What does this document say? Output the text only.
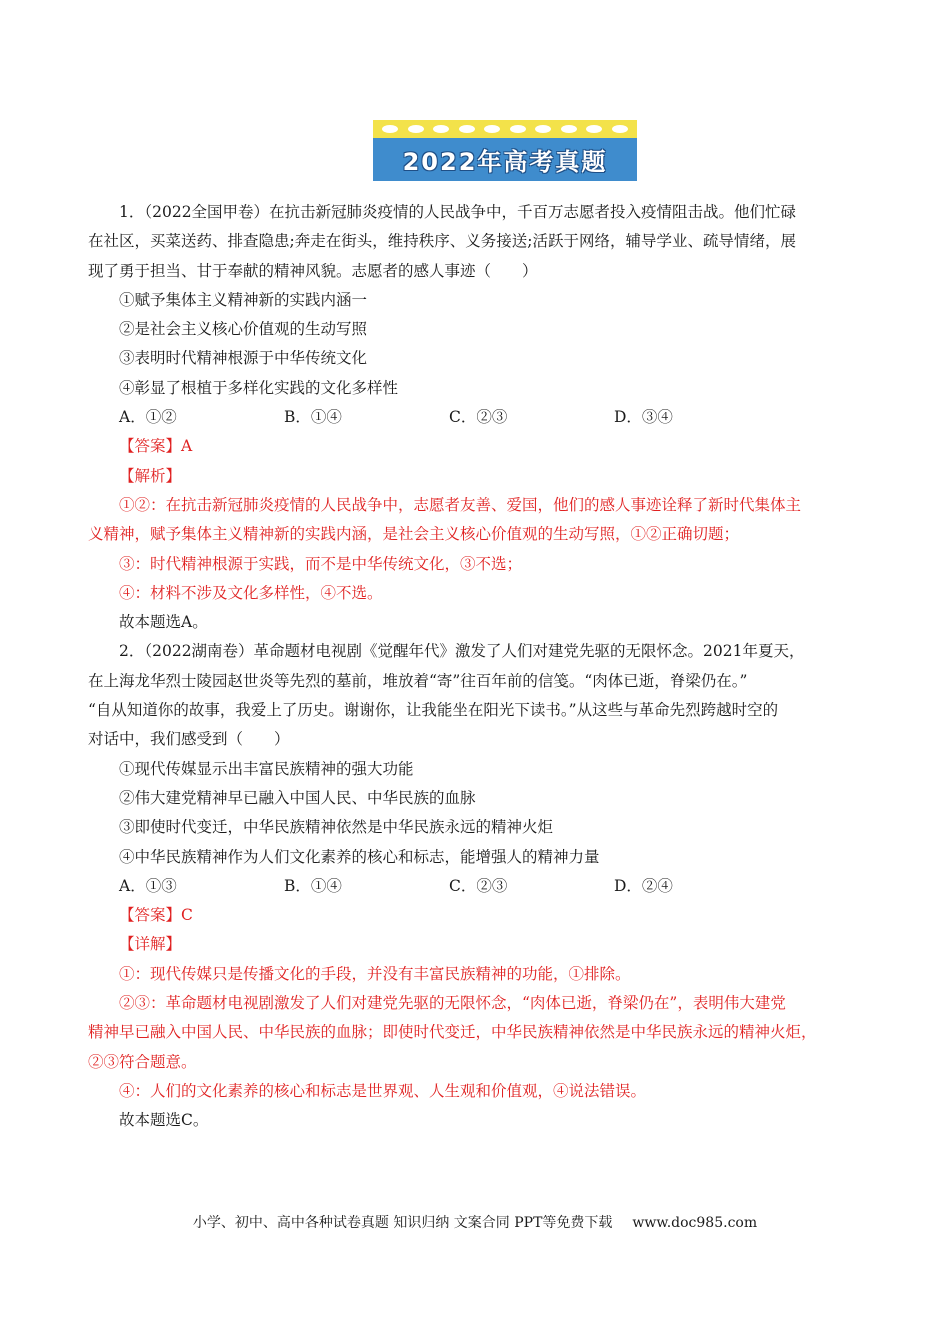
2022年高考真题
1．（2022全国甲卷）在抗击新冠肺炎疫情的人民战争中，千百万志愿者投入疫情阻击战。他们忙碌
在社区，买菜送药、排查隐患;奔走在街头，维持秩序、义务接送;活跃于网络，辅导学业、疏导情绪，展
现了勇于担当、甘于奉献的精神风貌。志愿者的感人事迹（　　）
①赋予集体主义精神新的实践内涵一
②是社会主义核心价值观的生动写照
③表明时代精神根源于中华传统文化
④彰显了根植于多样化实践的文化多样性
A．①②	B．①④	C．②③	D．③④
【答案】A
【解析】
①②：在抗击新冠肺炎疫情的人民战争中，志愿者友善、爱国，他们的感人事迹诠释了新时代集体主
义精神，赋予集体主义精神新的实践内涵，是社会主义核心价值观的生动写照，①②正确切题；
③：时代精神根源于实践，而不是中华传统文化，③不选；
④：材料不涉及文化多样性，④不选。
故本题选A。
2．（2022湖南卷）革命题材电视剧《觉醒年代》激发了人们对建党先驱的无限怀念。2021年夏天，
在上海龙华烈士陵园赵世炎等先烈的墓前，堆放着“寄”往百年前的信笺。“肉体已逝，脊梁仍在。”
“自从知道你的故事，我爱上了历史。谢谢你，让我能坐在阳光下读书。”从这些与革命先烈跨越时空的
对话中，我们感受到（　　）
①现代传媒显示出丰富民族精神的强大功能
②伟大建党精神早已融入中国人民、中华民族的血脉
③即使时代变迁，中华民族精神依然是中华民族永远的精神火炬
④中华民族精神作为人们文化素养的核心和标志，能增强人的精神力量
A．①③	B．①④	C．②③	D．②④
【答案】C
【详解】
①：现代传媒只是传播文化的手段，并没有丰富民族精神的功能，①排除。
②③：革命题材电视剧激发了人们对建党先驱的无限怀念，“肉体已逝，脊梁仍在”，表明伟大建党
精神早已融入中国人民、中华民族的血脉；即使时代变迁，中华民族精神依然是中华民族永远的精神火炬，
②③符合题意。
④：人们的文化素养的核心和标志是世界观、人生观和价值观，④说法错误。
故本题选C。
小学、初中、高中各种试卷真题 知识归纳 文案合同 PPT等免费下载 www.doc985.com
